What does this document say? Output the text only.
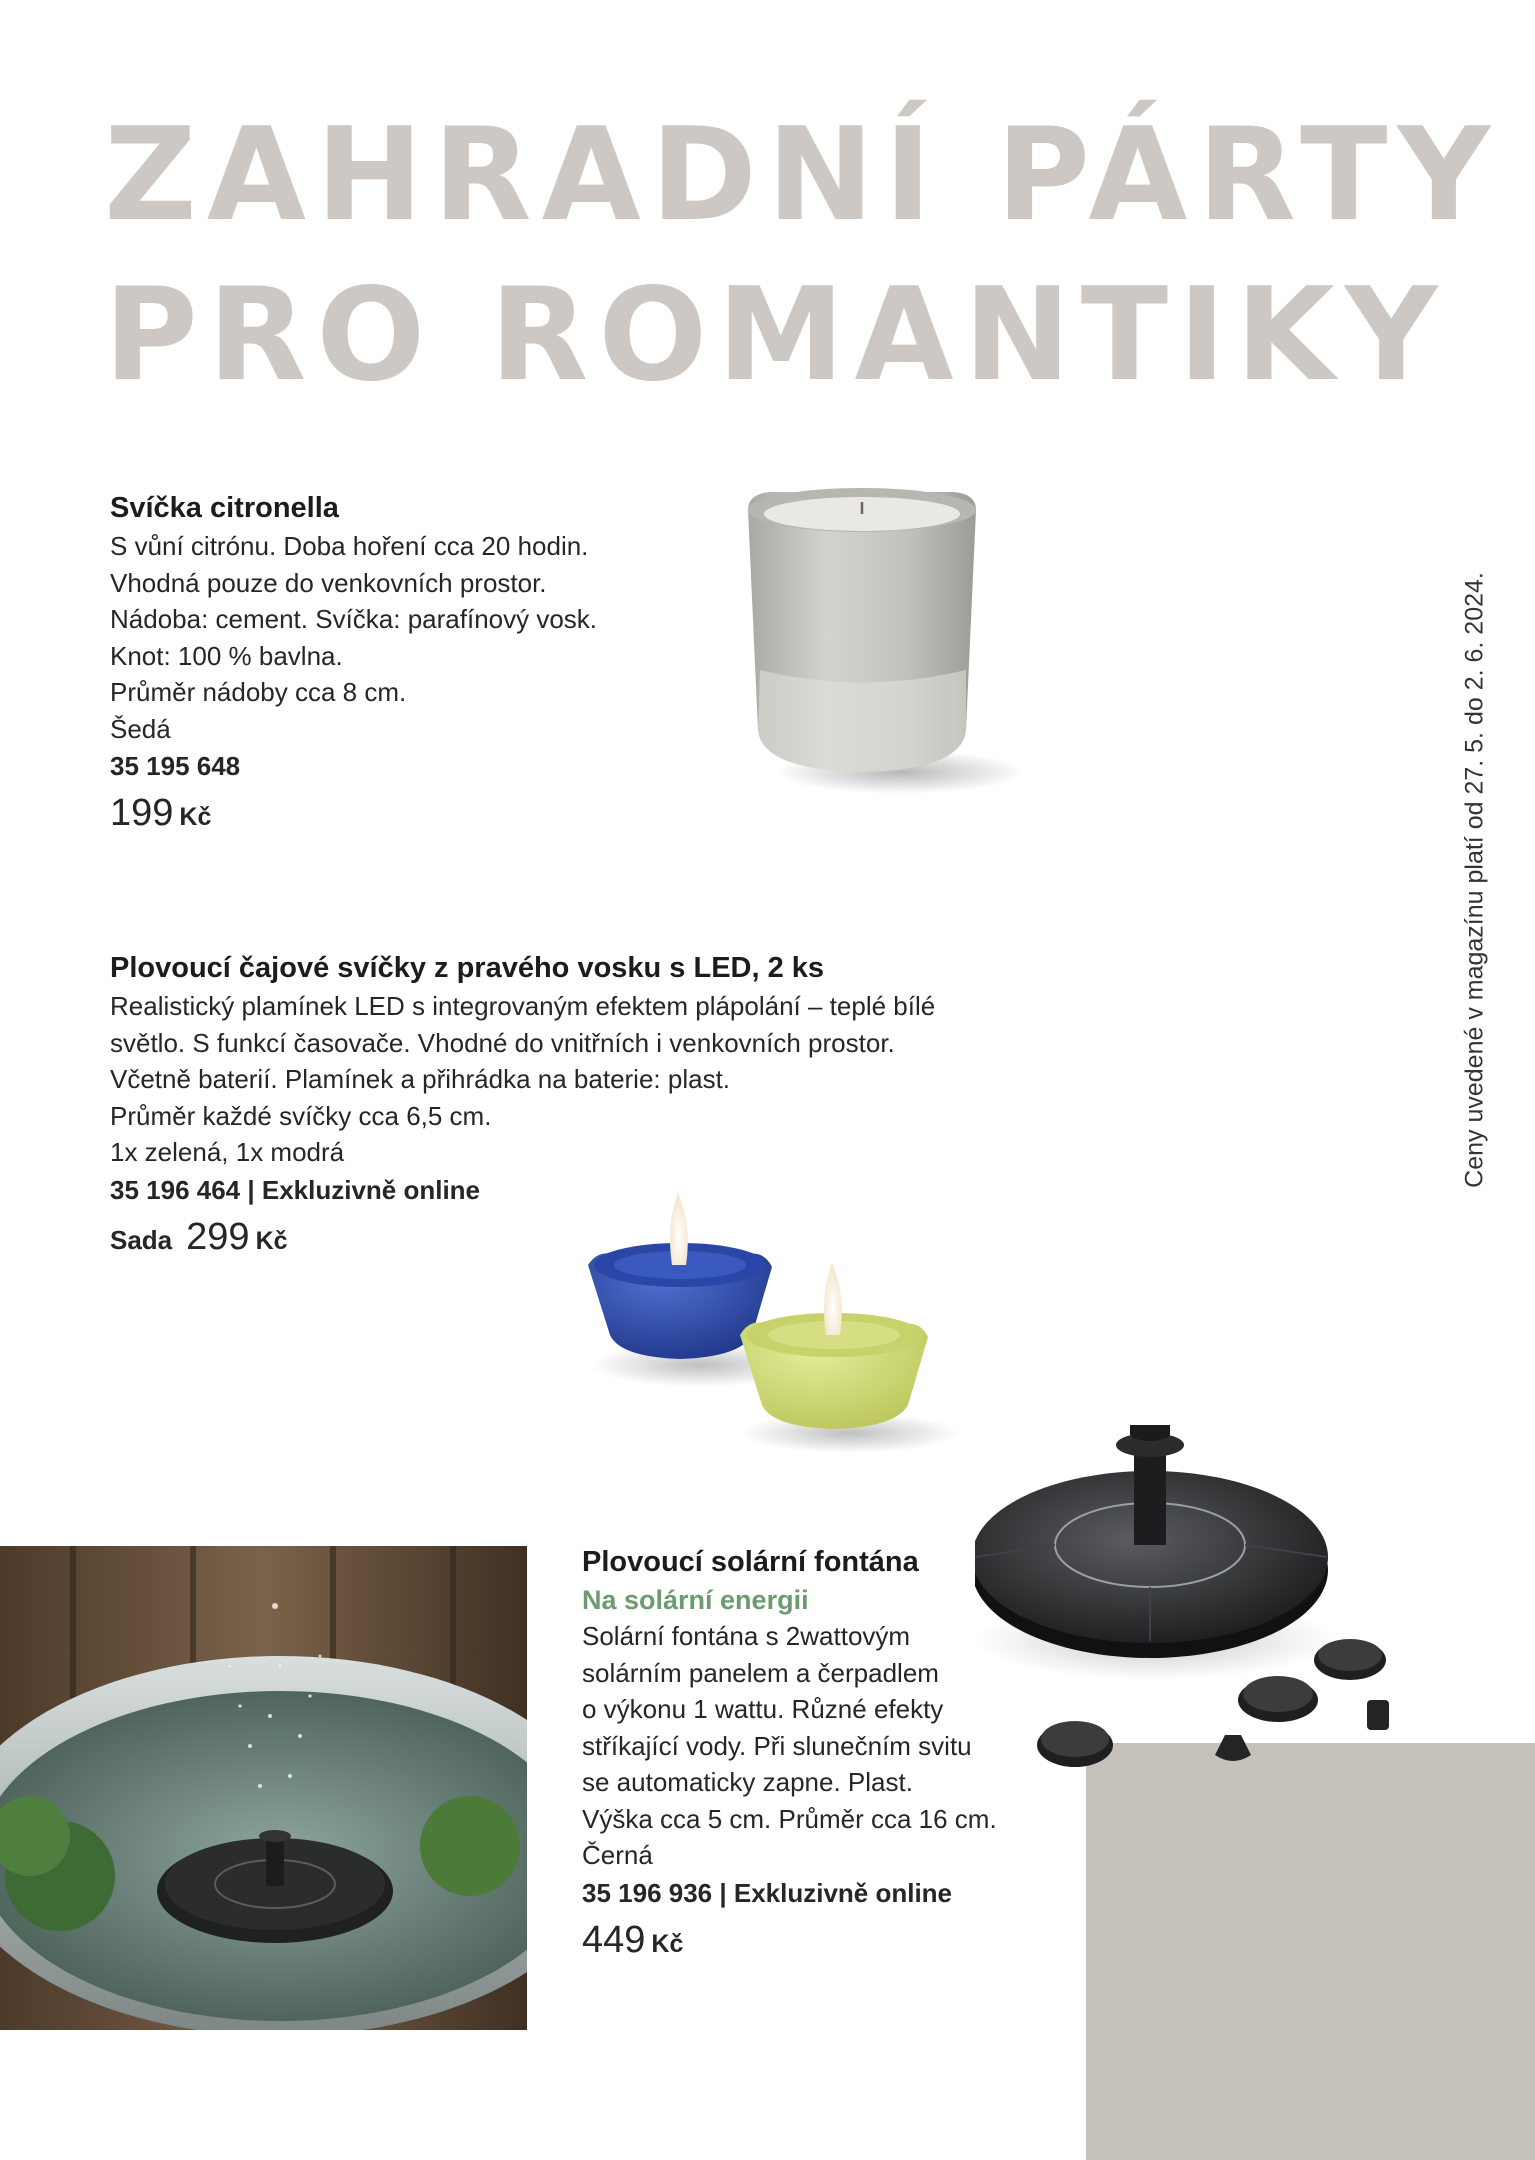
ZAHRADNÍ PÁRTY
PRO ROMANTIKY
Svíčka citronella
S vůní citrónu. Doba hoření cca 20 hodin.
Vhodná pouze do venkovních prostor.
Nádoba: cement. Svíčka: parafínový vosk.
Knot: 100 % bavlna.
Průměr nádoby cca 8 cm.
Šedá
35 195 648
199 Kč
Plovoucí čajové svíčky z pravého vosku s LED, 2 ks
Realistický plamínek LED s integrovaným efektem plápolání – teplé bílé
světlo. S funkcí časovače. Vhodné do vnitřních i venkovních prostor.
Včetně baterií. Plamínek a přihrádka na baterie: plast.
Průměr každé svíčky cca 6,5 cm.
1x zelená, 1x modrá
35 196 464 | Exkluzivně online
Sada 299 Kč
Plovoucí solární fontána
Na solární energii
Solární fontána s 2wattovým
solárním panelem a čerpadlem
o výkonu 1 wattu. Různé efekty
stříkající vody. Při slunečním svitu
se automaticky zapne. Plast.
Výška cca 5 cm. Průměr cca 16 cm.
Černá
35 196 936 | Exkluzivně online
449 Kč
Ceny uvedené v magazínu platí od 27. 5. do 2. 6. 2024.
